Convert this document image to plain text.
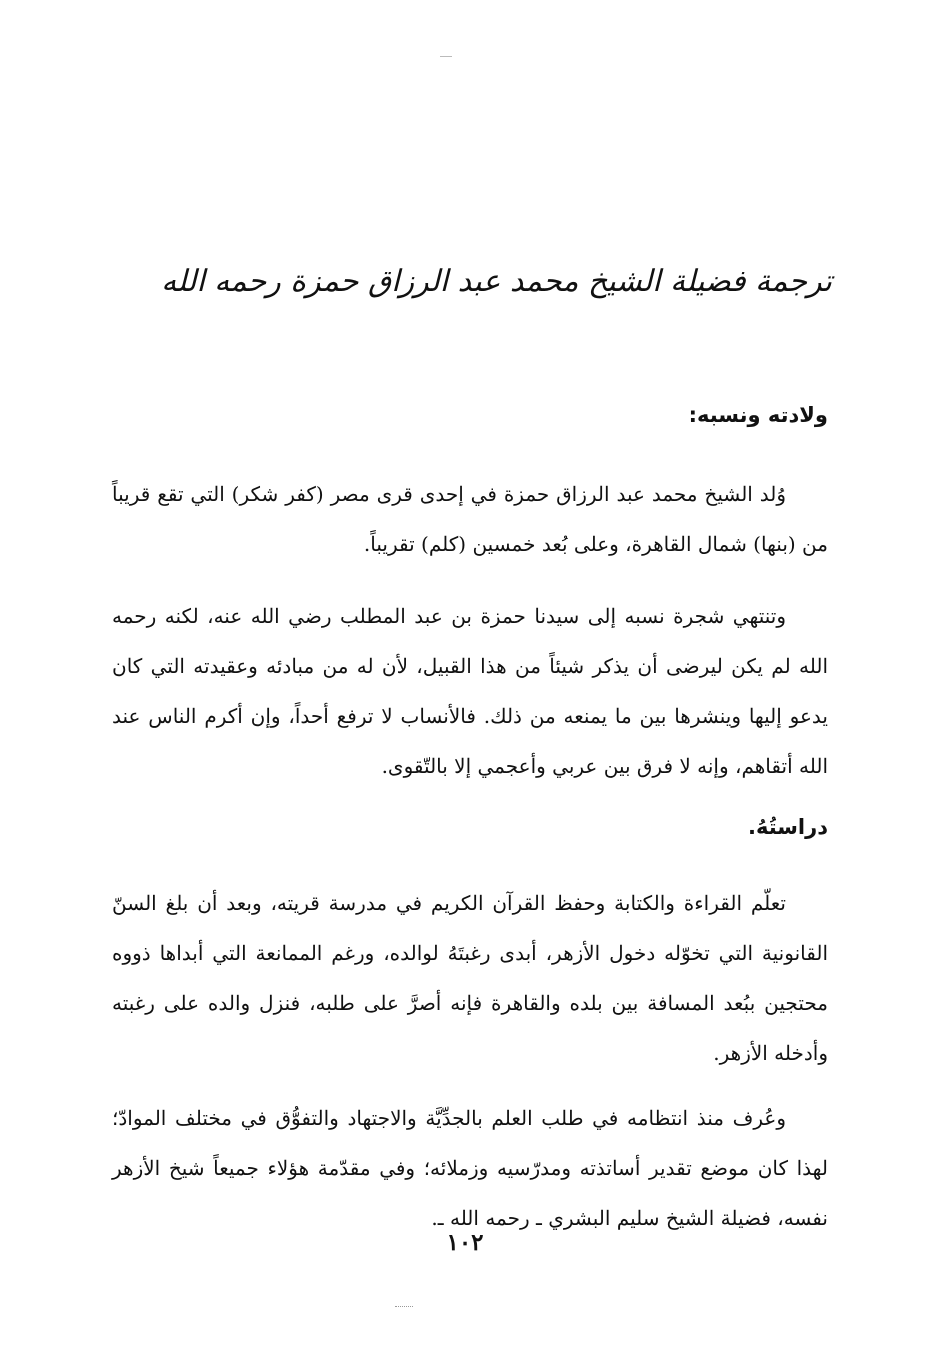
ترجمة فضيلة الشيخ محمد عبد الرزاق حمزة رحمه الله
ولادته ونسبه:

وُلد الشيخ محمد عبد الرزاق حمزة في إحدى قرى مصر (كفر شكر) التي تقع قريباً من (بنها) شمال القاهرة، وعلى بُعد خمسين (كلم) تقريباً.

وتنتهي شجرة نسبه إلى سيدنا حمزة بن عبد المطلب رضي الله عنه، لكنه رحمه الله لم يكن ليرضى أن يذكر شيئاً من هذا القبيل، لأن له من مبادئه وعقيدته التي كان يدعو إليها وينشرها بين ما يمنعه من ذلك. فالأنساب لا ترفع أحداً، وإن أكرم الناس عند الله أتقاهم، وإنه لا فرق بين عربي وأعجمي إلا بالتّقوى.

دراستُهُ.

تعلّم القراءة والكتابة وحفظ القرآن الكريم في مدرسة قريته، وبعد أن بلغ السنّ القانونية التي تخوّله دخول الأزهر، أبدى رغبتَهُ لوالده، ورغم الممانعة التي أبداها ذووه محتجين ببُعد المسافة بين بلده والقاهرة فإنه أصرَّ على طلبه، فنزل والده على رغبته وأدخله الأزهر.

وعُرف منذ انتظامه في طلب العلم بالجدِّيَّة والاجتهاد والتفوُّق في مختلف الموادّ؛ لهذا كان موضع تقدير أساتذته ومدرّسيه وزملائه؛ وفي مقدّمة هؤلاء جميعاً شيخ الأزهر نفسه، فضيلة الشيخ سليم البشري ـ رحمه الله ـ.

١٠٢
